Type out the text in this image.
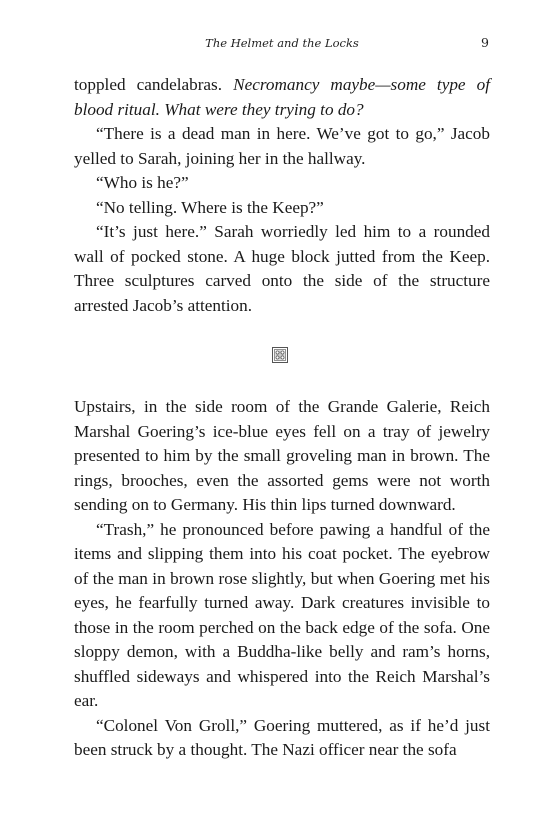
The Helmet and the Locks	9

toppled candelabras. Necromancy maybe—some type of blood ritual. What were they trying to do?

“There is a dead man in here. We’ve got to go,” Jacob yelled to Sarah, joining her in the hallway.

“Who is he?”

“No telling. Where is the Keep?”

“It’s just here.” Sarah worriedly led him to a rounded wall of pocked stone. A huge block jutted from the Keep. Three sculptures carved onto the side of the structure arrested Jacob’s attention.

Upstairs, in the side room of the Grande Galerie, Reich Marshal Goering’s ice-blue eyes fell on a tray of jewelry presented to him by the small groveling man in brown. The rings, brooches, even the assorted gems were not worth sending on to Germany. His thin lips turned downward.

“Trash,” he pronounced before pawing a handful of the items and slipping them into his coat pocket. The eyebrow of the man in brown rose slightly, but when Goering met his eyes, he fearfully turned away. Dark creatures invisible to those in the room perched on the back edge of the sofa. One sloppy demon, with a Buddha-like belly and ram’s horns, shuffled sideways and whispered into the Reich Marshal’s ear.

“Colonel Von Groll,” Goering muttered, as if he’d just been struck by a thought. The Nazi officer near the sofa
